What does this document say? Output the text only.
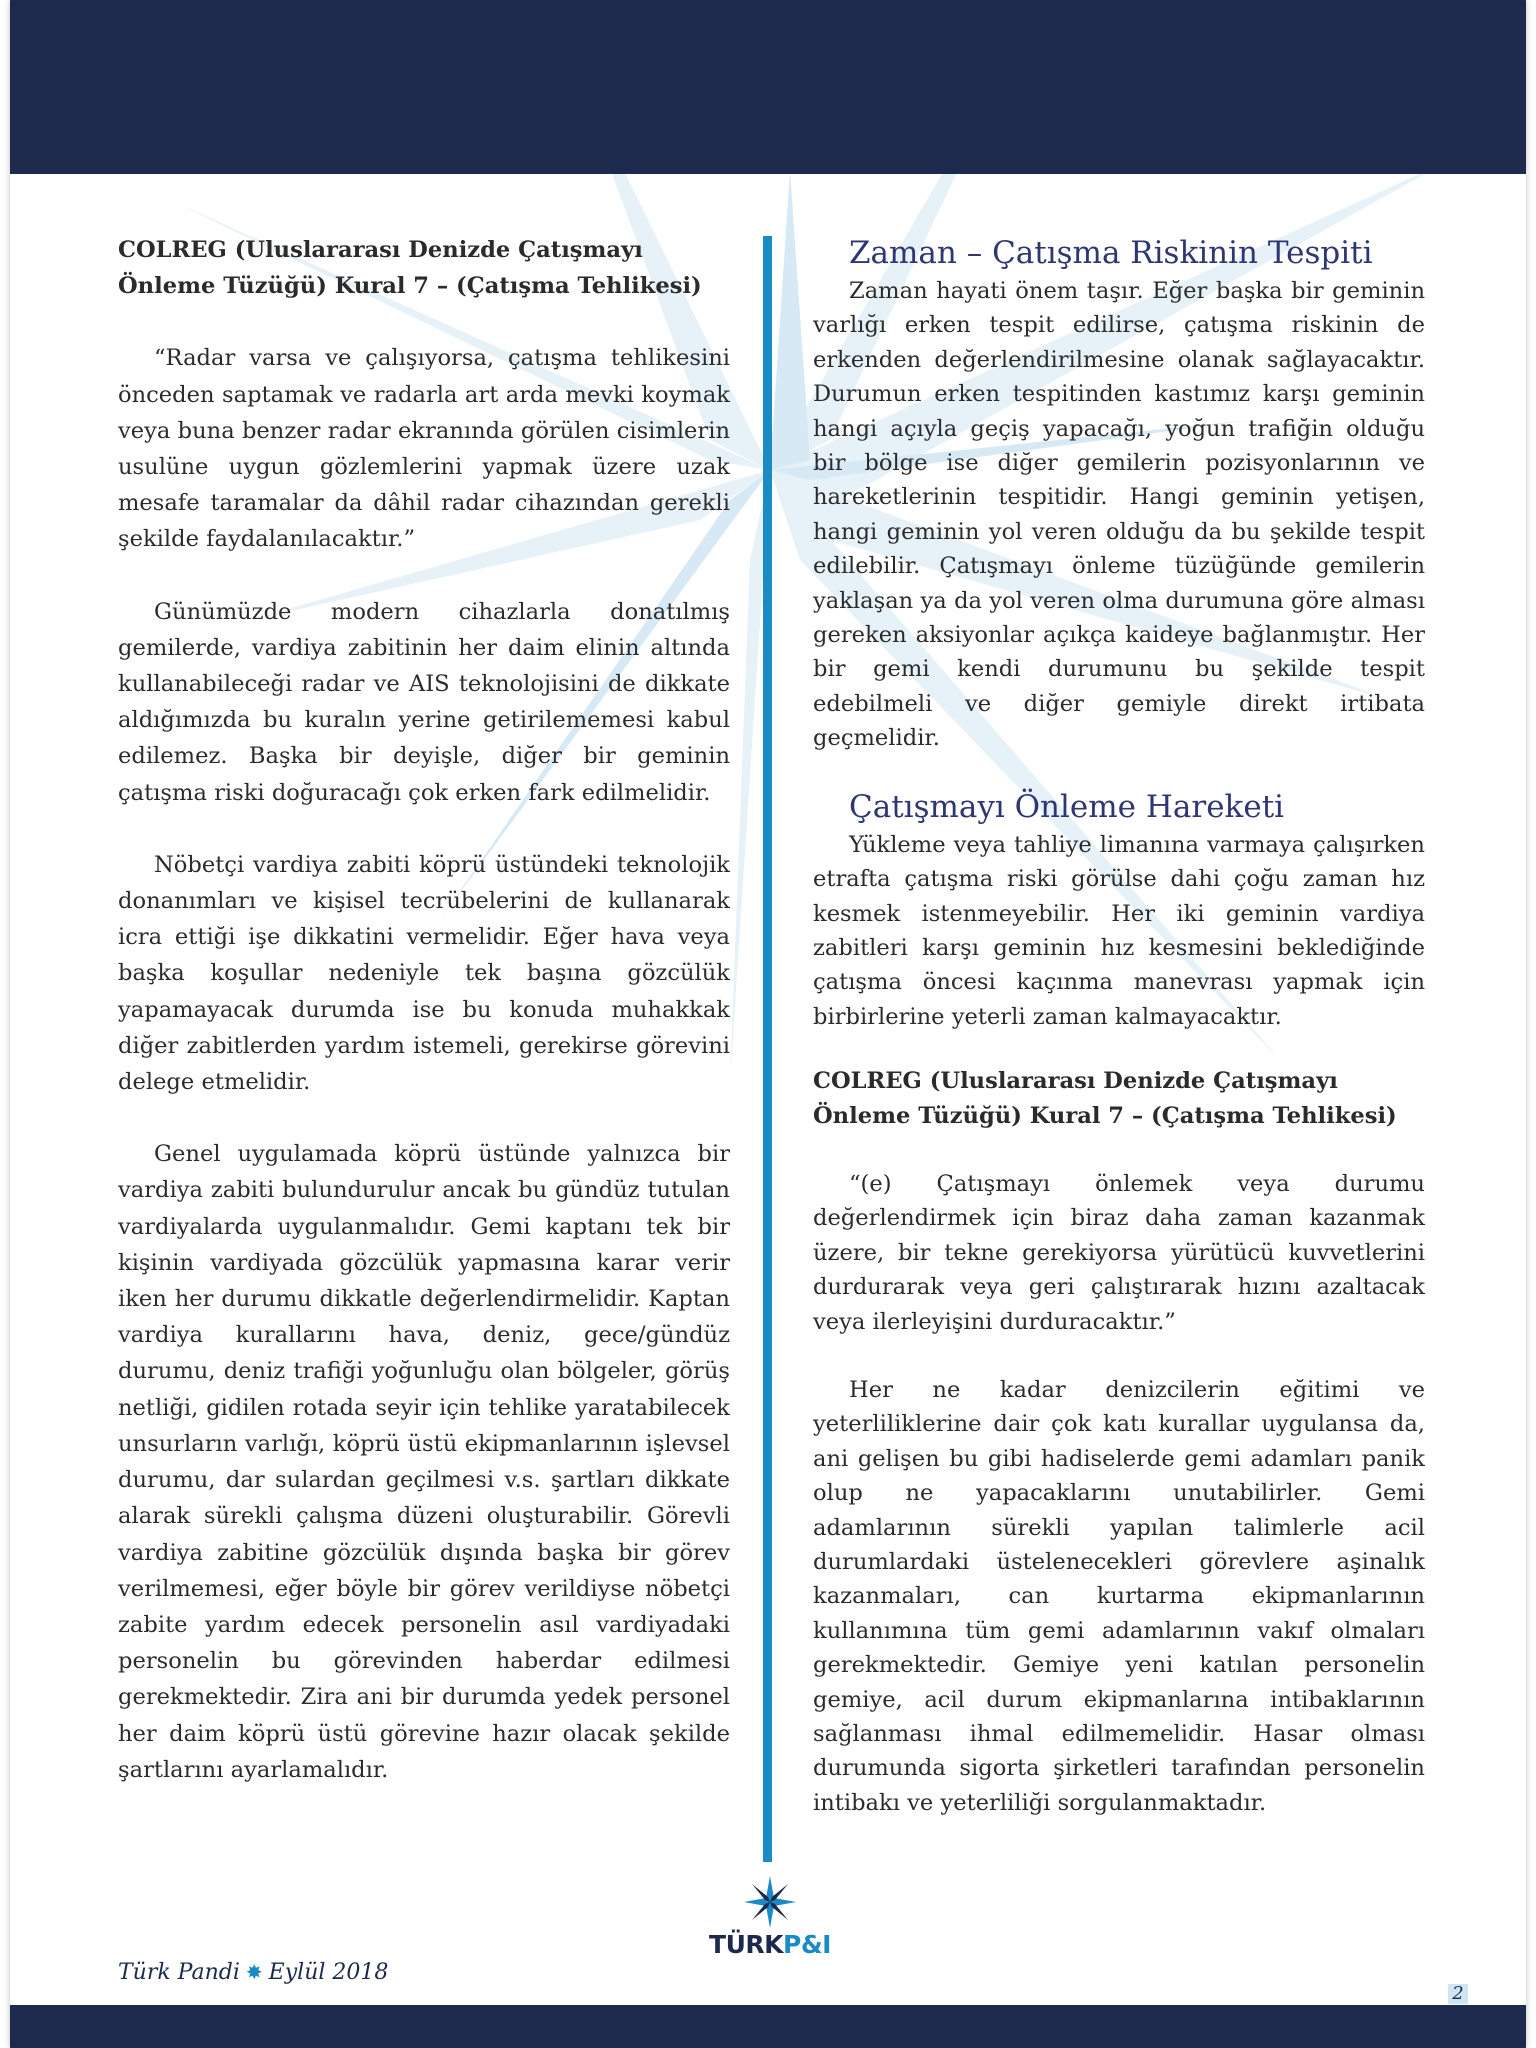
COLREG (Uluslararası Denizde Çatışmayı Önleme Tüzüğü) Kural 7 – (Çatışma Tehlikesi)

“Radar varsa ve çalışıyorsa, çatışma tehlikesini önceden saptamak ve radarla art arda mevki koymak veya buna benzer radar ekranında görülen cisimlerin usulüne uygun gözlemlerini yapmak üzere uzak mesafe taramalar da dâhil radar cihazından gerekli şekilde faydalanılacaktır.”

Günümüzde modern cihazlarla donatılmış gemilerde, vardiya zabitinin her daim elinin altında kullanabileceği radar ve AIS teknolojisini de dikkate aldığımızda bu kuralın yerine getirilememesi kabul edilemez. Başka bir deyişle, diğer bir geminin çatışma riski doğuracağı çok erken fark edilmelidir.

Nöbetçi vardiya zabiti köprü üstündeki teknolojik donanımları ve kişisel tecrübelerini de kullanarak icra ettiği işe dikkatini vermelidir. Eğer hava veya başka koşullar nedeniyle tek başına gözcülük yapamayacak durumda ise bu konuda muhakkak diğer zabitlerden yardım istemeli, gerekirse görevini delege etmelidir.

Genel uygulamada köprü üstünde yalnızca bir vardiya zabiti bulundurulur ancak bu gündüz tutulan vardiyalarda uygulanmalıdır. Gemi kaptanı tek bir kişinin vardiyada gözcülük yapmasına karar verir iken her durumu dikkatle değerlendirmelidir. Kaptan vardiya kurallarını hava, deniz, gece/gündüz durumu, deniz trafiği yoğunluğu olan bölgeler, görüş netliği, gidilen rotada seyir için tehlike yaratabilecek unsurların varlığı, köprü üstü ekipmanlarının işlevsel durumu, dar sulardan geçilmesi v.s. şartları dikkate alarak sürekli çalışma düzeni oluşturabilir. Görevli vardiya zabitine gözcülük dışında başka bir görev verilmemesi, eğer böyle bir görev verildiyse nöbetçi zabite yardım edecek personelin asıl vardiyadaki personelin bu görevinden haberdar edilmesi gerekmektedir. Zira ani bir durumda yedek personel her daim köprü üstü görevine hazır olacak şekilde şartlarını ayarlamalıdır.

Zaman – Çatışma Riskinin Tespiti

Zaman hayati önem taşır. Eğer başka bir geminin varlığı erken tespit edilirse, çatışma riskinin de erkenden değerlendirilmesine olanak sağlayacaktır. Durumun erken tespitinden kastımız karşı geminin hangi açıyla geçiş yapacağı, yoğun trafiğin olduğu bir bölge ise diğer gemilerin pozisyonlarının ve hareketlerinin tespitidir. Hangi geminin yetişen, hangi geminin yol veren olduğu da bu şekilde tespit edilebilir. Çatışmayı önleme tüzüğünde gemilerin yaklaşan ya da yol veren olma durumuna göre alması gereken aksiyonlar açıkça kaideye bağlanmıştır. Her bir gemi kendi durumunu bu şekilde tespit edebilmeli ve diğer gemiyle direkt irtibata geçmelidir.

Çatışmayı Önleme Hareketi

Yükleme veya tahliye limanına varmaya çalışırken etrafta çatışma riski görülse dahi çoğu zaman hız kesmek istenmeyebilir. Her iki geminin vardiya zabitleri karşı geminin hız kesmesini beklediğinde çatışma öncesi kaçınma manevrası yapmak için birbirlerine yeterli zaman kalmayacaktır.

COLREG (Uluslararası Denizde Çatışmayı Önleme Tüzüğü) Kural 7 – (Çatışma Tehlikesi)

“(e) Çatışmayı önlemek veya durumu değerlendirmek için biraz daha zaman kazanmak üzere, bir tekne gerekiyorsa yürütücü kuvvetlerini durdurarak veya geri çalıştırarak hızını azaltacak veya ilerleyişini durduracaktır.”

Her ne kadar denizcilerin eğitimi ve yeterliliklerine dair çok katı kurallar uygulansa da, ani gelişen bu gibi hadiselerde gemi adamları panik olup ne yapacaklarını unutabilirler. Gemi adamlarının sürekli yapılan talimlerle acil durumlardaki üstelenecekleri görevlere aşinalık kazanmaları, can kurtarma ekipmanlarının kullanımına tüm gemi adamlarının vakıf olmaları gerekmektedir. Gemiye yeni katılan personelin gemiye, acil durum ekipmanlarına intibaklarının sağlanması ihmal edilmemelidir. Hasar olması durumunda sigorta şirketleri tarafından personelin intibakı ve yeterliliği sorgulanmaktadır.

TÜRKP&I
Türk Pandi ✸ Eylül 2018
2
